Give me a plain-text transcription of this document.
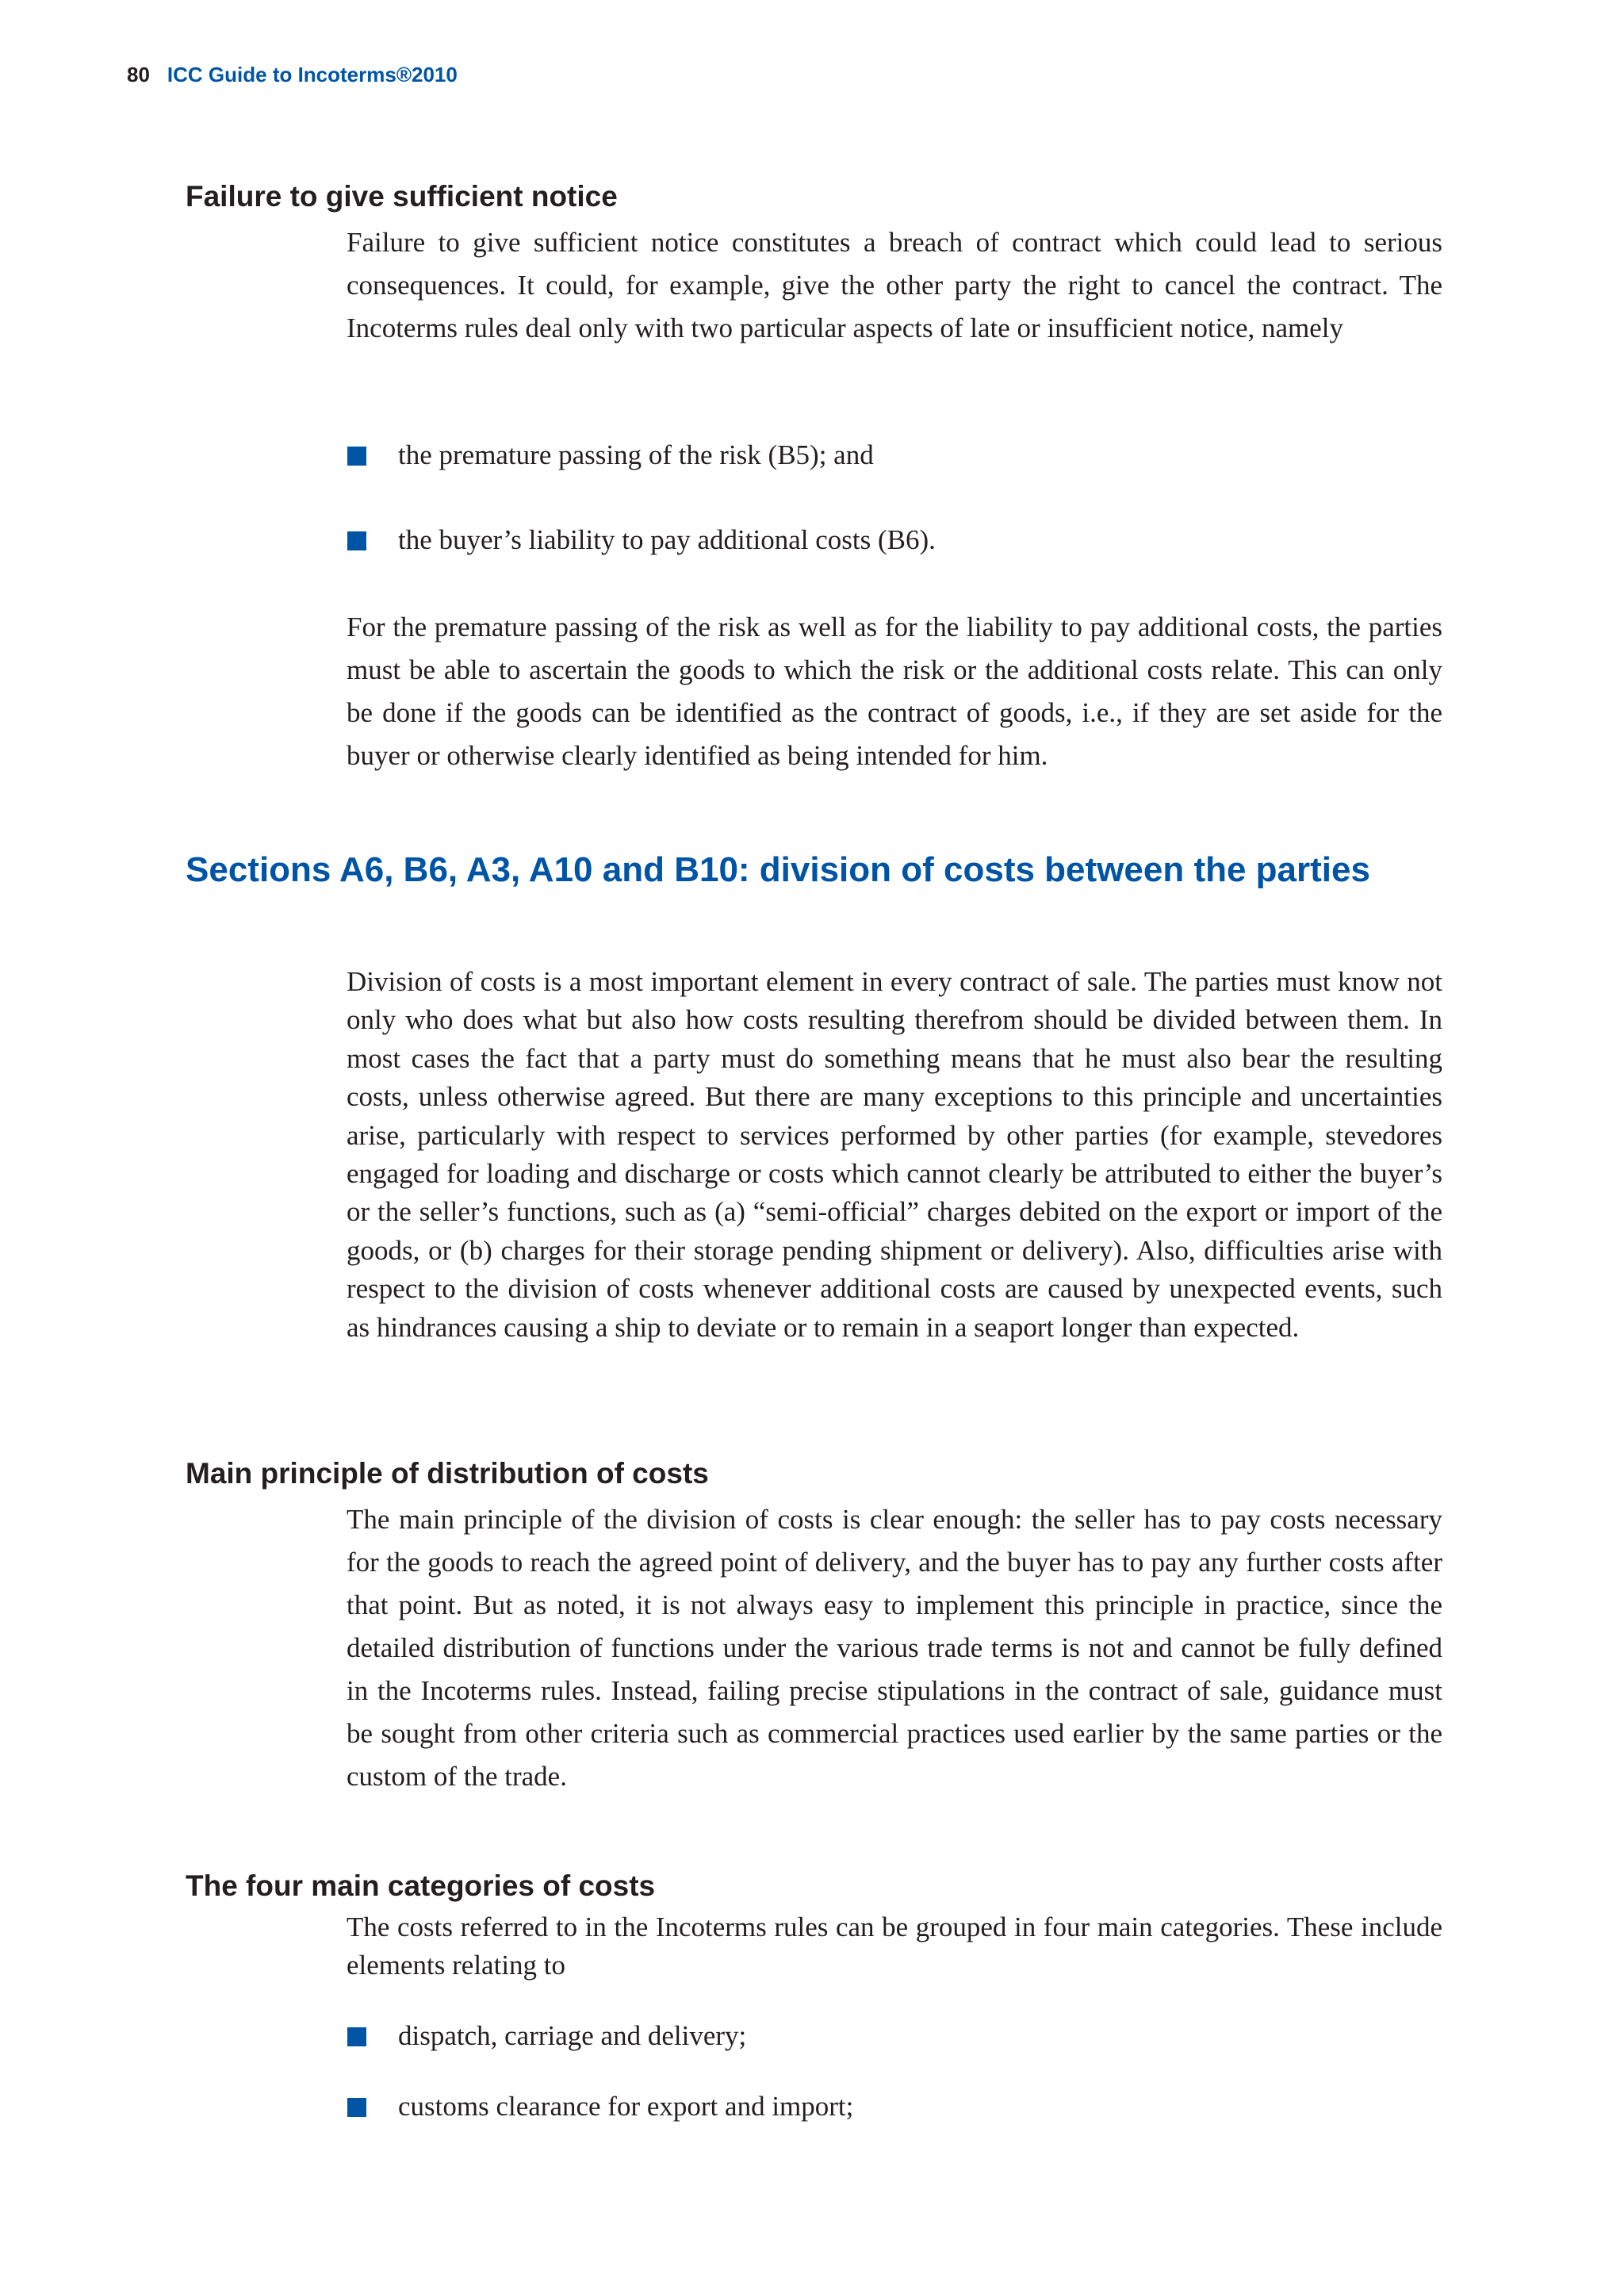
80 ICC Guide to Incoterms®2010
Failure to give sufficient notice

Failure to give sufficient notice constitutes a breach of contract which could lead to serious consequences. It could, for example, give the other party the right to cancel the contract. The Incoterms rules deal only with two particular aspects of late or insufficient notice, namely

the premature passing of the risk (B5); and
the buyer’s liability to pay additional costs (B6).

For the premature passing of the risk as well as for the liability to pay additional costs, the parties must be able to ascertain the goods to which the risk or the additional costs relate. This can only be done if the goods can be identified as the contract of goods, i.e., if they are set aside for the buyer or otherwise clearly identified as being intended for him.

Sections A6, B6, A3, A10 and B10: division of costs between the parties

Division of costs is a most important element in every contract of sale. The parties must know not only who does what but also how costs resulting therefrom should be divided between them. In most cases the fact that a party must do something means that he must also bear the resulting costs, unless otherwise agreed. But there are many exceptions to this principle and uncertainties arise, particularly with respect to services performed by other parties (for example, stevedores engaged for loading and discharge or costs which cannot clearly be attributed to either the buyer’s or the seller’s functions, such as (a) “semi-official” charges debited on the export or import of the goods, or (b) charges for their storage pending shipment or delivery). Also, difficulties arise with respect to the division of costs whenever additional costs are caused by unexpected events, such as hindrances causing a ship to deviate or to remain in a seaport longer than expected.

Main principle of distribution of costs

The main principle of the division of costs is clear enough: the seller has to pay costs necessary for the goods to reach the agreed point of delivery, and the buyer has to pay any further costs after that point. But as noted, it is not always easy to implement this principle in practice, since the detailed distribution of functions under the various trade terms is not and cannot be fully defined in the Incoterms rules. Instead, failing precise stipulations in the contract of sale, guidance must be sought from other criteria such as commercial practices used earlier by the same parties or the custom of the trade.

The four main categories of costs

The costs referred to in the Incoterms rules can be grouped in four main categories. These include elements relating to

dispatch, carriage and delivery;
customs clearance for export and import;
